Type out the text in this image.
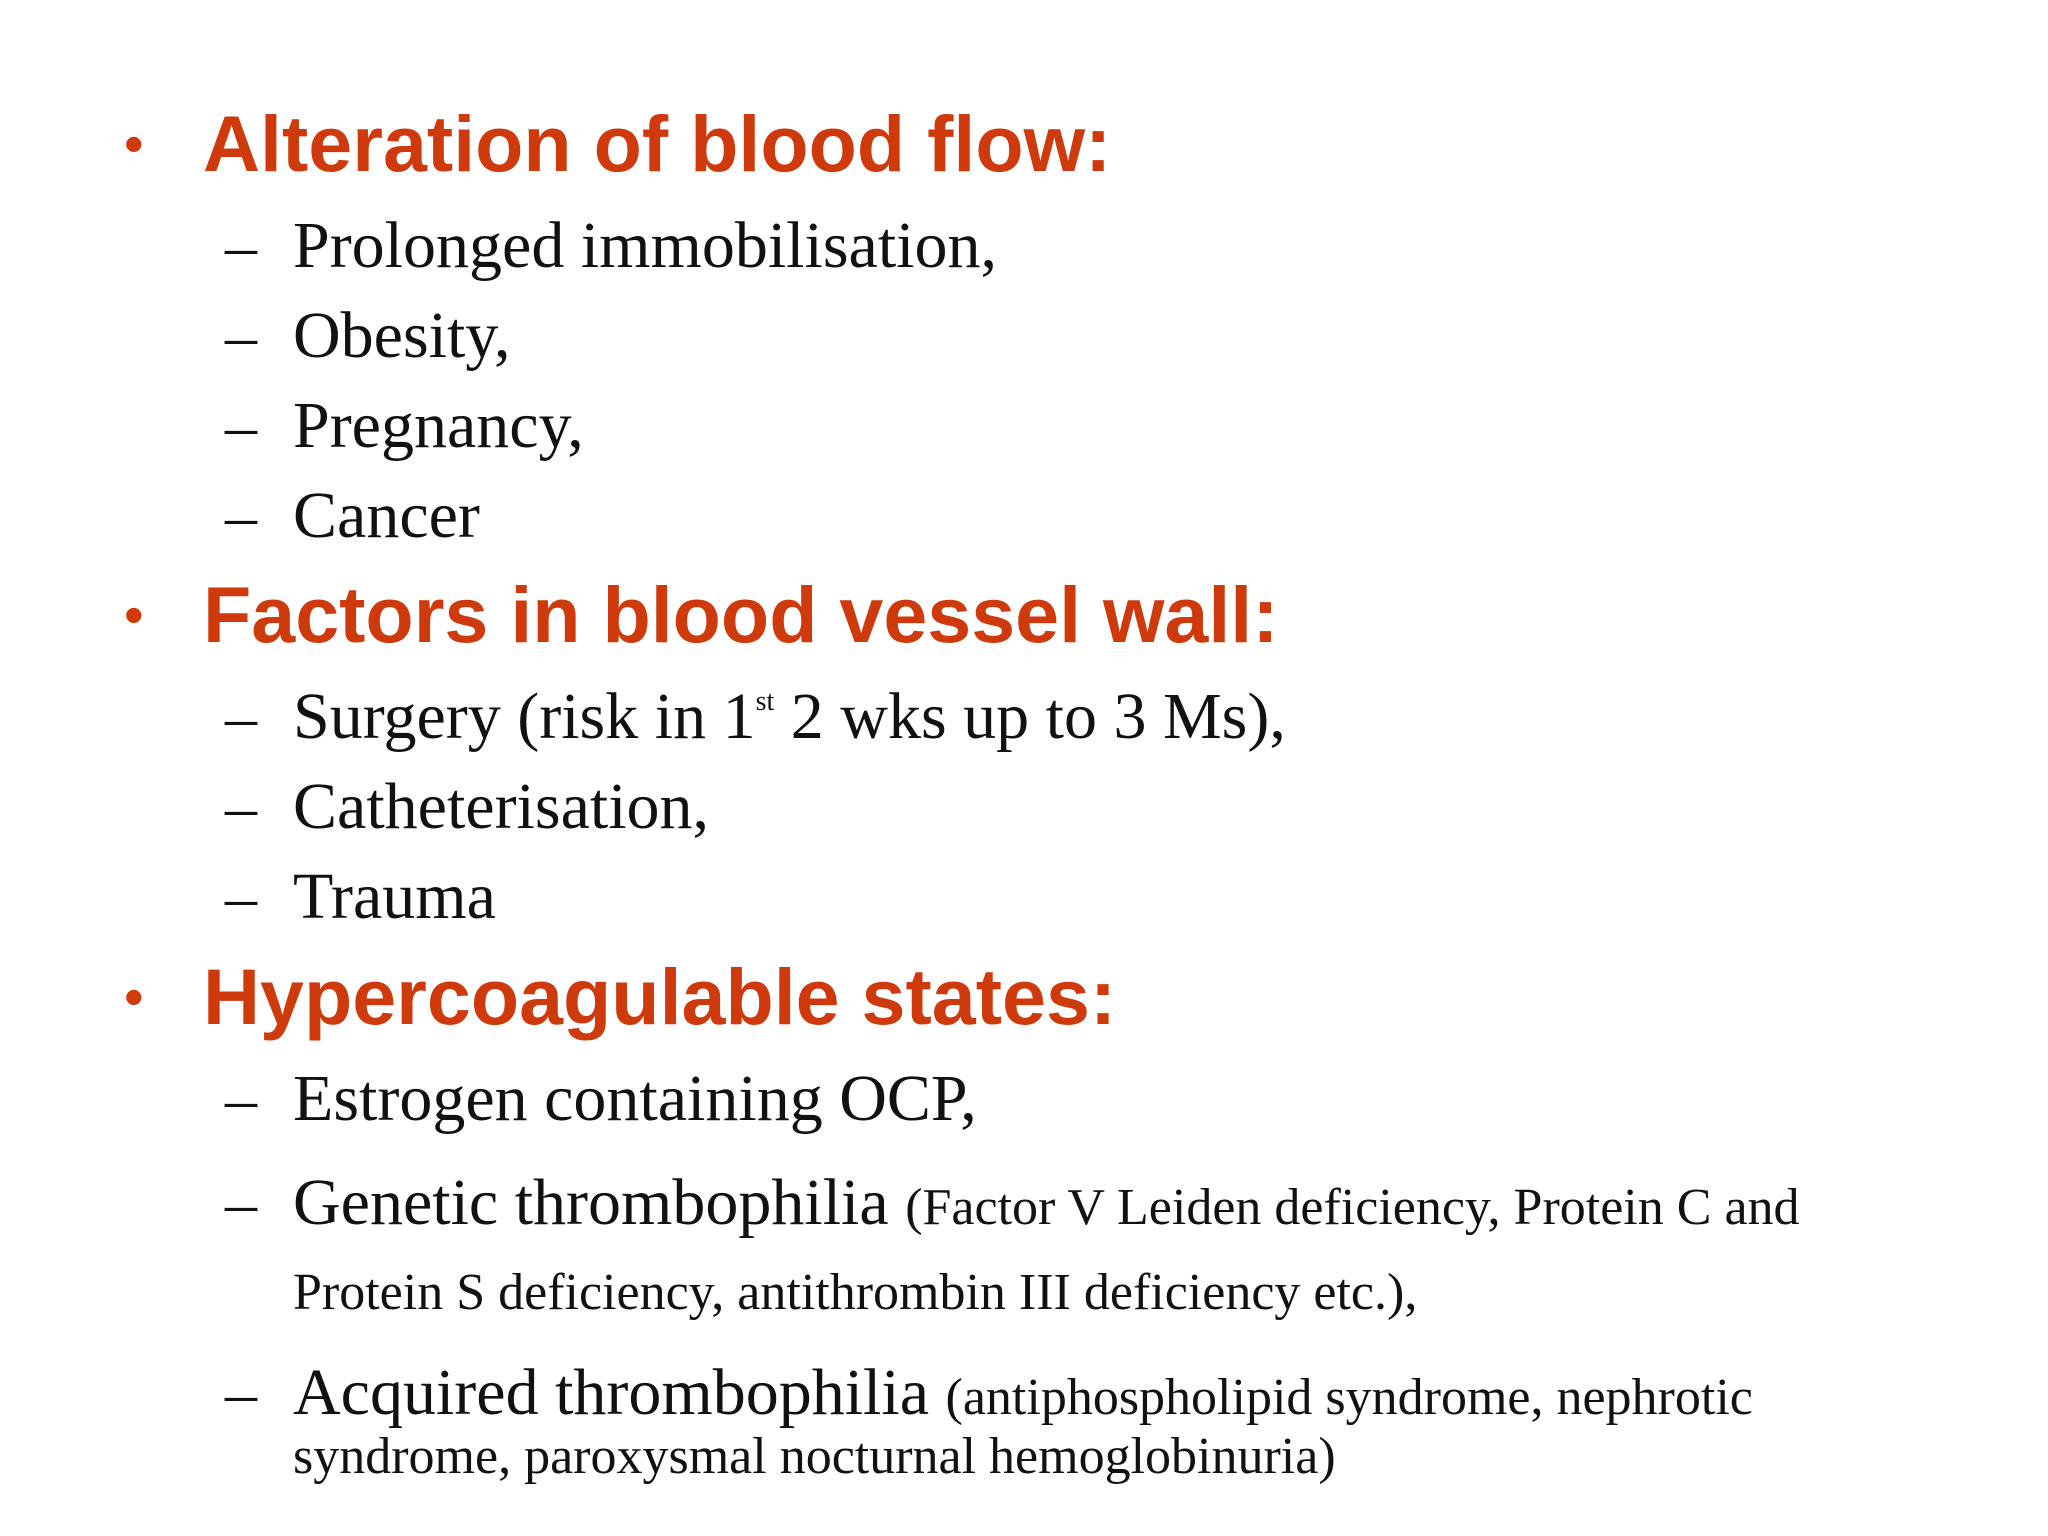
• Alteration of blood flow:
– Prolonged immobilisation,
– Obesity,
– Pregnancy,
– Cancer
• Factors in blood vessel wall:
– Surgery (risk in 1st 2 wks up to 3 Ms),
– Catheterisation,
– Trauma
• Hypercoagulable states:
– Estrogen containing OCP,
– Genetic thrombophilia (Factor V Leiden deficiency, Protein C and
Protein S deficiency, antithrombin III deficiency etc.),
– Acquired thrombophilia (antiphospholipid syndrome, nephrotic
syndrome, paroxysmal nocturnal hemoglobinuria)
